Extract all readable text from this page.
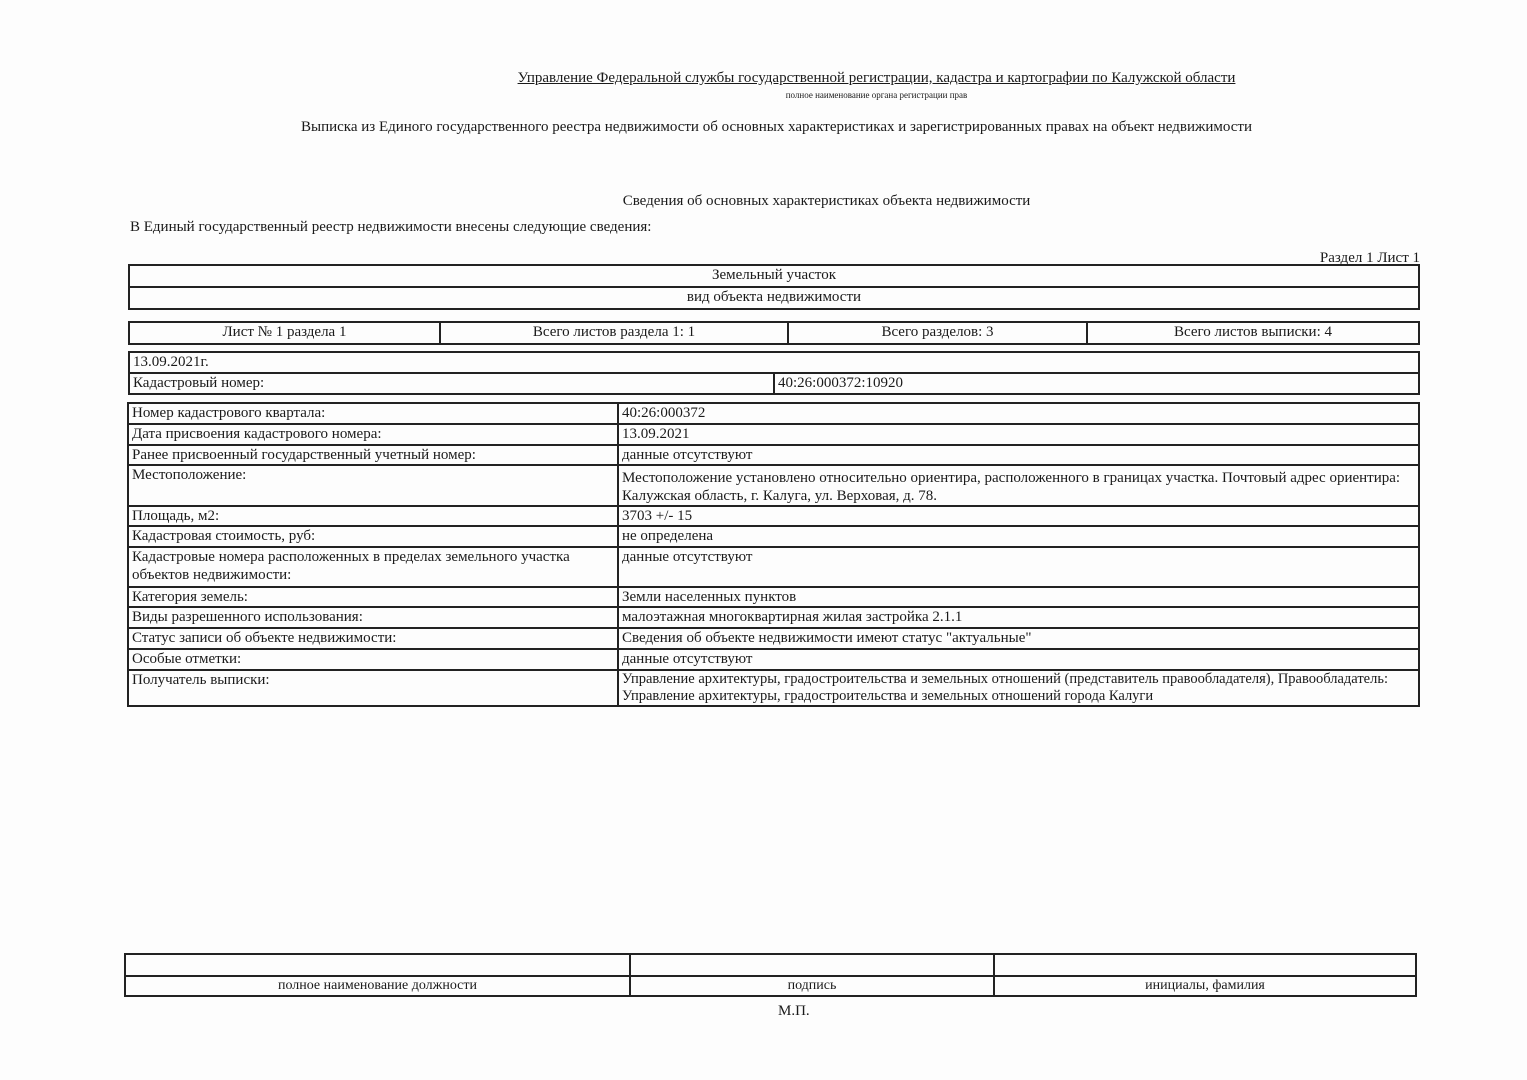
Управление Федеральной службы государственной регистрации, кадастра и картографии по Калужской области
полное наименование органа регистрации прав
Выписка из Единого государственного реестра недвижимости об основных характеристиках и зарегистрированных правах на объект недвижимости
Сведения об основных характеристиках объекта недвижимости
В Единый государственный реестр недвижимости внесены следующие сведения:
Раздел 1 Лист 1
Земельный участок
вид объекта недвижимости
Лист № 1 раздела 1	Всего листов раздела 1: 1	Всего разделов: 3	Всего листов выписки: 4
13.09.2021г.
Кадастровый номер:	40:26:000372:10920
Номер кадастрового квартала:	40:26:000372
Дата присвоения кадастрового номера:	13.09.2021
Ранее присвоенный государственный учетный номер:	данные отсутствуют
Местоположение:	Местоположение установлено относительно ориентира, расположенного в границах участка. Почтовый адрес ориентира: Калужская область, г. Калуга, ул. Верховая, д. 78.
Площадь, м2:	3703 +/- 15
Кадастровая стоимость, руб:	не определена
Кадастровые номера расположенных в пределах земельного участка объектов недвижимости:	данные отсутствуют
Категория земель:	Земли населенных пунктов
Виды разрешенного использования:	малоэтажная многоквартирная жилая застройка 2.1.1
Статус записи об объекте недвижимости:	Сведения об объекте недвижимости имеют статус "актуальные"
Особые отметки:	данные отсутствуют
Получатель выписки:	Управление архитектуры, градостроительства и земельных отношений (представитель правообладателя), Правообладатель: Управление архитектуры, градостроительства и земельных отношений города Калуги

полное наименование должности	подпись	инициалы, фамилия
М.П.
